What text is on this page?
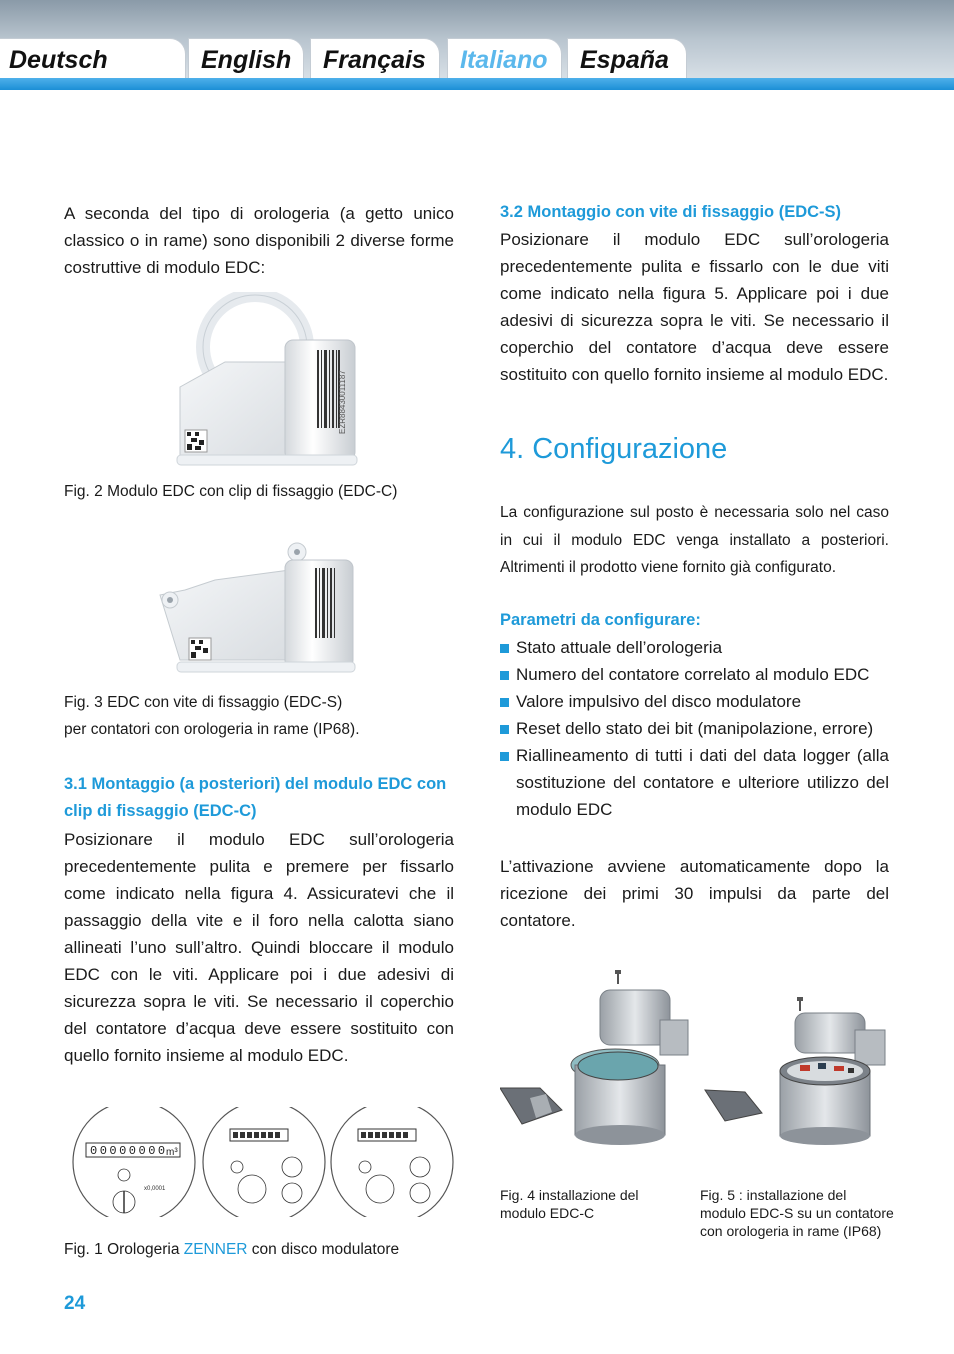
Deutsch	English	Français	Italiano	España

A seconda del tipo di orologeria (a getto unico classico o in rame) sono disponibili 2 diverse forme costruttive di modulo EDC:

EZR88430011187

Fig. 2 Modulo EDC con clip di fissaggio (EDC-C)

Fig. 3 EDC con vite di fissaggio (EDC-S)
per contatori con orologeria in rame (IP68).

3.1 Montaggio (a posteriori) del modulo EDC con clip di fissaggio (EDC-C)

Posizionare il modulo EDC sull’orologeria precedentemente pulita e premere per fissarlo come indicato nella figura 4. Assicuratevi che il passaggio della vite e il foro nella calotta siano allineati l’uno sull’altro. Quindi bloccare il modulo EDC con le viti. Applicare poi i due adesivi di sicurezza sopra le viti. Se necessario il coperchio del contatore d’acqua deve essere sostituito con quello fornito insieme al modulo EDC.

00000000
m³
x0,0001

Fig. 1 Orologeria ZENNER con disco modulatore

3.2 Montaggio con vite di fissaggio (EDC-S)

Posizionare il modulo EDC sull’orologeria precedentemente pulita e fissarlo con le due viti come indicato nella figura 5. Applicare poi i due adesivi di sicurezza sopra le viti. Se necessario il coperchio del contatore d’acqua deve essere sostituito con quello fornito insieme al modulo EDC.

4. Configurazione

La configurazione sul posto è necessaria solo nel caso in cui il modulo EDC venga installato a posteriori. Altrimenti il prodotto viene fornito già configurato.

Parametri da configurare:

Stato attuale dell’orologeria
Numero del contatore correlato al modulo EDC
Valore impulsivo del disco modulatore
Reset dello stato dei bit (manipolazione, errore)
Riallineamento di tutti i dati del data logger (alla sostituzione del contatore e ulteriore utilizzo del modulo EDC

L’attivazione avviene automaticamente dopo la ricezione dei primi 30 impulsi da parte del contatore.

Fig. 4 installazione del modulo EDC-C

Fig. 5 : installazione del modulo EDC-S su un contatore con orologeria in rame (IP68)

24
